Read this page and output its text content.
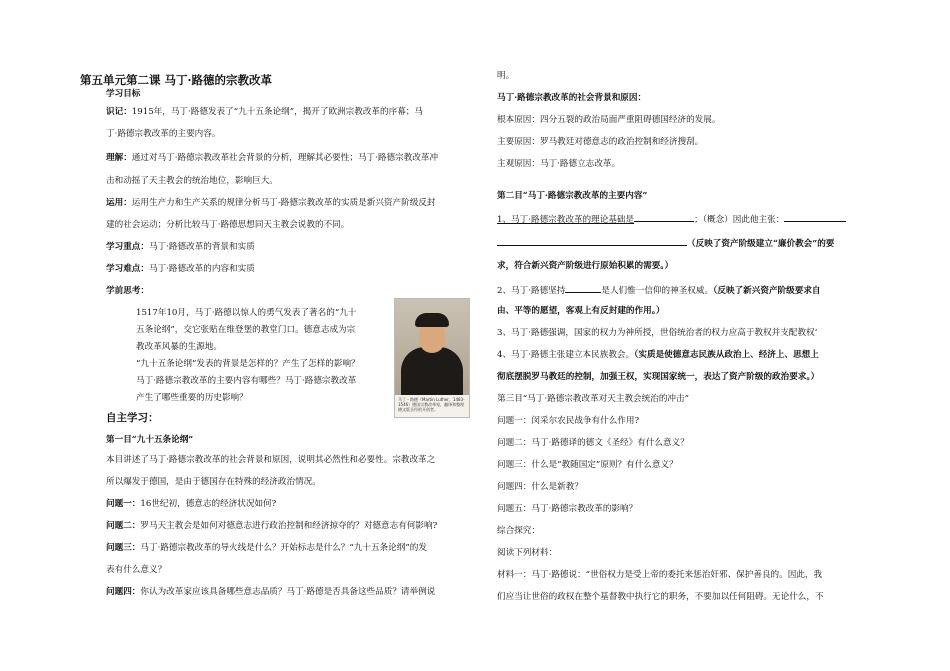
第五单元第二课 马丁·路德的宗教改革
学习目标
识记：1915年，马丁·路德发表了“九十五条论纲”，揭开了欧洲宗教改革的序幕；马
丁·路德宗教改革的主要内容。
理解：通过对马丁·路德宗教改革社会背景的分析，理解其必要性；马丁·路德宗教改革冲
击和动摇了天主教会的统治地位，影响巨大。
运用：运用生产力和生产关系的规律分析马丁-路德宗教改革的实质是新兴资产阶级反封
建的社会运动；分析比较马丁·路德思想同天主教会说教的不同。
学习重点：马丁·路德改革的背景和实质
学习难点：马丁·路德改革的内容和实质
学前思考：
1517年10月，马丁·路德以惊人的勇气发表了著名的“九十
五条论纲”，交它张贴在维登堡的教堂门口。德意志成为宗
教改革风暴的生源地。
“九十五条论纲”发表的背景是怎样的？产生了怎样的影响？
马丁·路德宗教改革的主要内容有哪些？马丁·路德宗教改革
产生了哪些重要的历史影响？
自主学习：
第一目“九十五条论纲”
本目讲述了马丁·路德宗教改革的社会背景和原因，说明其必然性和必要性。宗教改革之
所以爆发于德国，是由于德国存在特殊的经济政治情况。
问题一：16世纪初，德意志的经济状况如何?
问题二：罗马天主教会是如何对德意志进行政治控制和经济掠夺的？对德意志有何影响?
问题三：马丁·路德宗教改革的导火线是什么？开始标志是什么？“九十五条论纲”的发
表有什么意义？
问题四：你认为改革家应该具备哪些意志品质？马丁·路德是否具备这些品质？请举例说
马丁・路德（Martin Luther，1483-1546）德国宗教改革家，翻译和整理德文版圣经的开创者。
明。
马丁·路德宗教改革的社会背景和原因：
根本原因：四分五裂的政治局面严重阻碍德国经济的发展。
主要原因：罗马教廷对德意志的政治控制和经济搜刮。
主观原因：马丁·路德立志改革。
第二目“马丁·路德宗教改革的主要内容”
1、马丁·路德宗教改革的理论基础是	；（概念）因此他主张：
（反映了资产阶级建立“廉价教会”的要
求，符合新兴资产阶级进行原始积累的需要。）
2、马丁·路德坚持	是人们惟一信仰的神圣权威。（反映了新兴资产阶级要求自
由、平等的愿望，客观上有反封建的作用。）
3、马丁·路德强调，国家的权力为神所授，世俗统治者的权力应高于教权并支配教权‘
4、马丁·路德主张建立本民族教会。（实质是使德意志民族从政治上、经济上、思想上
彻底摆脱罗马教廷的控制，加强王权，实现国家统一，表达了资产阶级的政治要求。）
第三目“马丁·路德宗教改革对天主教会统治的冲击”
问题一：闵采尔农民战争有什么作用?
问题二：马丁·路德译的德文《圣经》有什么意义？
问题三：什么是“教随国定”原则？有什么意义？
问题四：什么是新教？
问题五：马丁·路德宗教改革的影响？
综合探究：
阅读下列材料：
材料一：马丁·路德说：“世俗权力是受上帝的委托来惩治奸邪、保护善良的。因此，我
们应当让世俗的政权在整个基督教中执行它的职务，不要加以任何阻碍。无论什么，不
